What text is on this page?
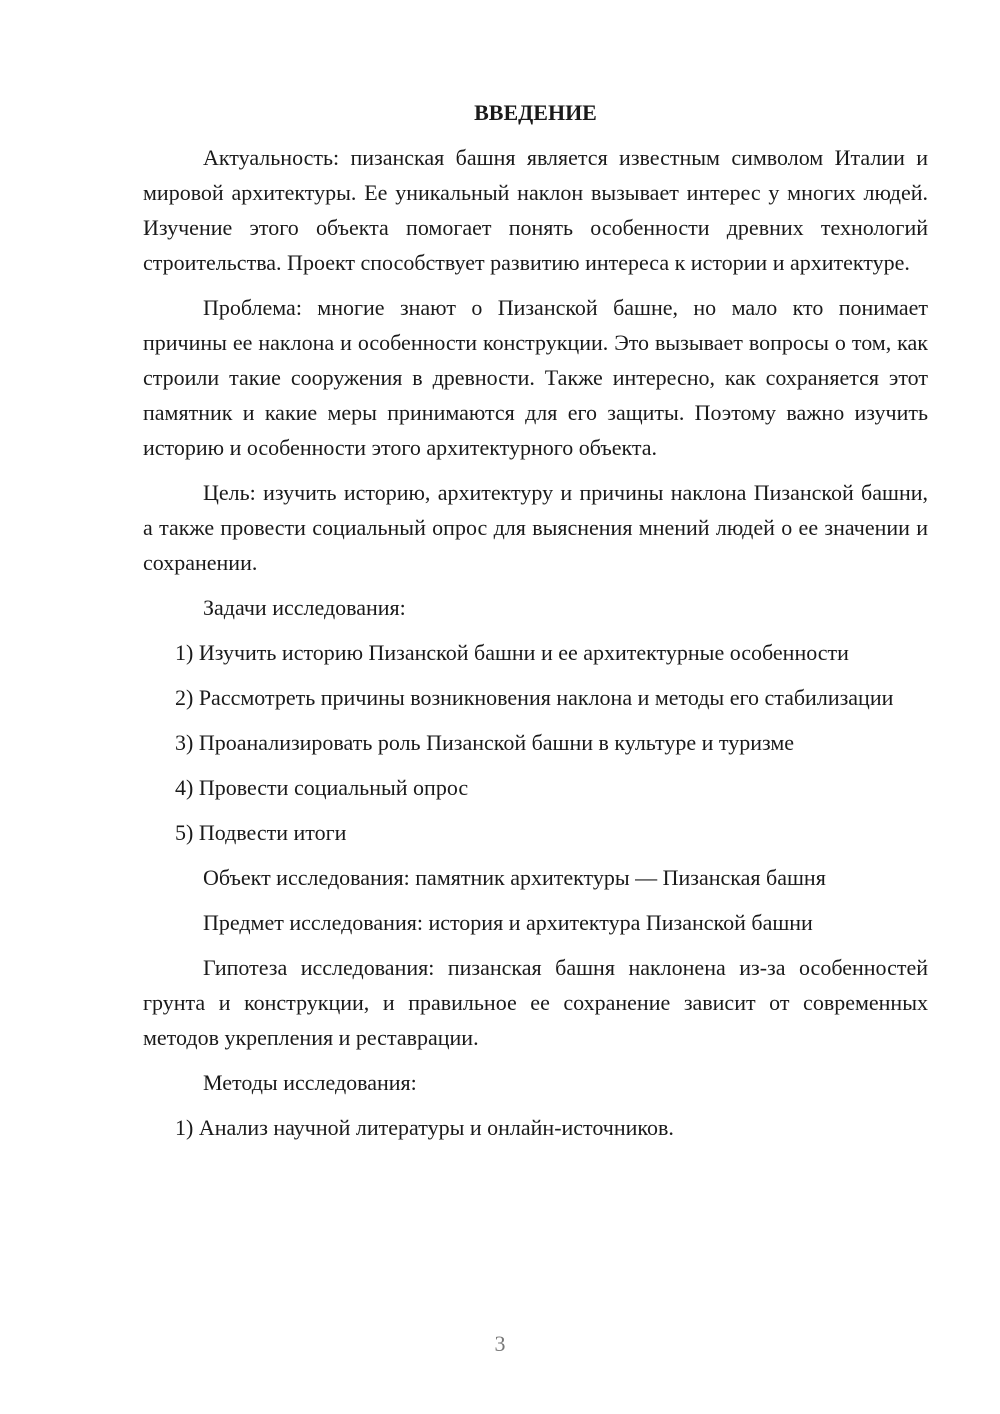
ВВЕДЕНИЕ

Актуальность: пизанская башня является известным символом Италии и мировой архитектуры. Ее уникальный наклон вызывает интерес у многих людей. Изучение этого объекта помогает понять особенности древних технологий строительства. Проект способствует развитию интереса к истории и архитектуре.

Проблема: многие знают о Пизанской башне, но мало кто понимает причины ее наклона и особенности конструкции. Это вызывает вопросы о том, как строили такие сооружения в древности. Также интересно, как сохраняется этот памятник и какие меры принимаются для его защиты. Поэтому важно изучить историю и особенности этого архитектурного объекта.

Цель: изучить историю, архитектуру и причины наклона Пизанской башни, а также провести социальный опрос для выяснения мнений людей о ее значении и сохранении.

Задачи исследования:

1) Изучить историю Пизанской башни и ее архитектурные особенности

2) Рассмотреть причины возникновения наклона и методы его стабилизации

3) Проанализировать роль Пизанской башни в культуре и туризме

4) Провести социальный опрос

5) Подвести итоги

Объект исследования: памятник архитектуры — Пизанская башня

Предмет исследования: история и архитектура Пизанской башни

Гипотеза исследования: пизанская башня наклонена из-за особенностей грунта и конструкции, и правильное ее сохранение зависит от современных методов укрепления и реставрации.

Методы исследования:

1) Анализ научной литературы и онлайн-источников.

3
